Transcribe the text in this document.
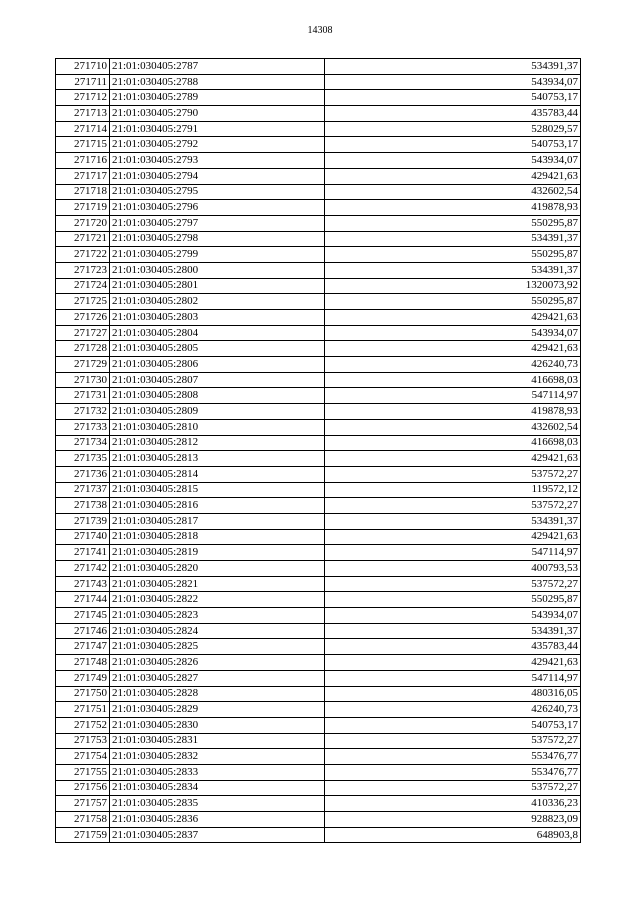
14308
271710	21:01:030405:2787	534391,37
271711	21:01:030405:2788	543934,07
271712	21:01:030405:2789	540753,17
271713	21:01:030405:2790	435783,44
271714	21:01:030405:2791	528029,57
271715	21:01:030405:2792	540753,17
271716	21:01:030405:2793	543934,07
271717	21:01:030405:2794	429421,63
271718	21:01:030405:2795	432602,54
271719	21:01:030405:2796	419878,93
271720	21:01:030405:2797	550295,87
271721	21:01:030405:2798	534391,37
271722	21:01:030405:2799	550295,87
271723	21:01:030405:2800	534391,37
271724	21:01:030405:2801	1320073,92
271725	21:01:030405:2802	550295,87
271726	21:01:030405:2803	429421,63
271727	21:01:030405:2804	543934,07
271728	21:01:030405:2805	429421,63
271729	21:01:030405:2806	426240,73
271730	21:01:030405:2807	416698,03
271731	21:01:030405:2808	547114,97
271732	21:01:030405:2809	419878,93
271733	21:01:030405:2810	432602,54
271734	21:01:030405:2812	416698,03
271735	21:01:030405:2813	429421,63
271736	21:01:030405:2814	537572,27
271737	21:01:030405:2815	119572,12
271738	21:01:030405:2816	537572,27
271739	21:01:030405:2817	534391,37
271740	21:01:030405:2818	429421,63
271741	21:01:030405:2819	547114,97
271742	21:01:030405:2820	400793,53
271743	21:01:030405:2821	537572,27
271744	21:01:030405:2822	550295,87
271745	21:01:030405:2823	543934,07
271746	21:01:030405:2824	534391,37
271747	21:01:030405:2825	435783,44
271748	21:01:030405:2826	429421,63
271749	21:01:030405:2827	547114,97
271750	21:01:030405:2828	480316,05
271751	21:01:030405:2829	426240,73
271752	21:01:030405:2830	540753,17
271753	21:01:030405:2831	537572,27
271754	21:01:030405:2832	553476,77
271755	21:01:030405:2833	553476,77
271756	21:01:030405:2834	537572,27
271757	21:01:030405:2835	410336,23
271758	21:01:030405:2836	928823,09
271759	21:01:030405:2837	648903,8
